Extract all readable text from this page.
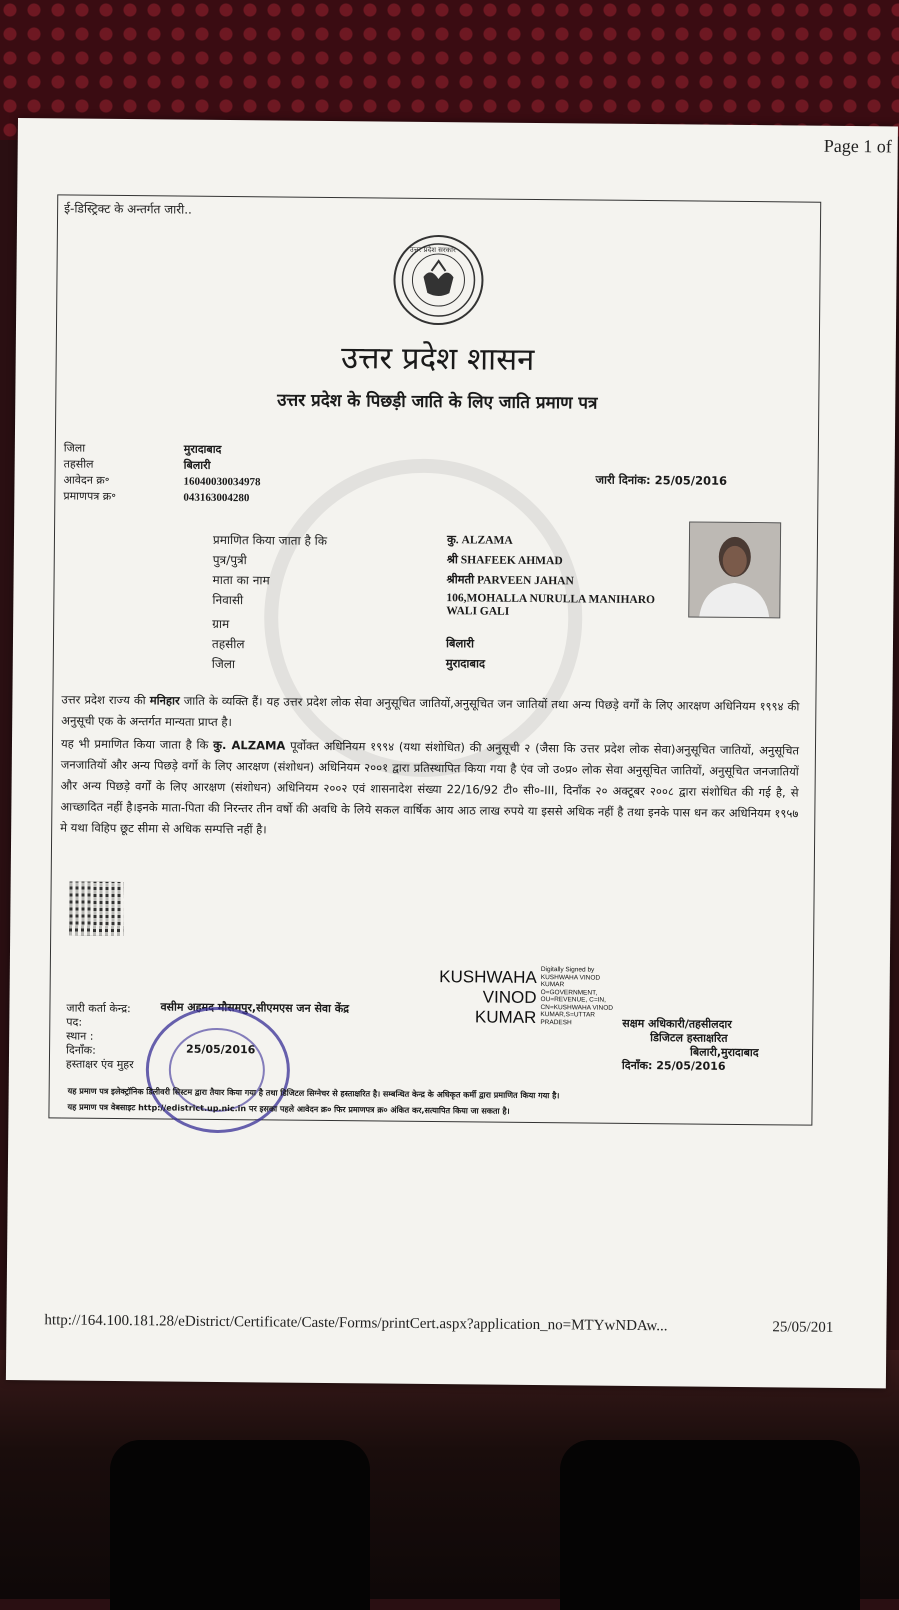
Page 1 of
ई-डिस्ट्रिक्ट के अन्तर्गत जारी..
उत्तर प्रदेश सरकार
उत्तर प्रदेश शासन
उत्तर प्रदेश के पिछड़ी जाति के लिए जाति प्रमाण पत्र
जिला	मुरादाबाद
तहसील	बिलारी
आवेदन क्र॰	16040030034978
प्रमाणपत्र क्र॰	043163004280
जारी दिनांक: 25/05/2016
प्रमाणित किया जाता है कि	कु. ALZAMA
पुत्र/पुत्री	श्री SHAFEEK AHMAD
माता का नाम	श्रीमती PARVEEN JAHAN
निवासी	106,MOHALLA NURULLA MANIHARO WALI GALI
ग्राम
तहसील	बिलारी
जिला	मुरादाबाद
उत्तर प्रदेश राज्य की मनिहार जाति के व्यक्ति हैं। यह उत्तर प्रदेश लोक सेवा अनुसूचित जातियों,अनुसूचित जन जातियों तथा अन्य पिछड़े वर्गों के लिए आरक्षण अधिनियम १९९४ की अनुसूची एक के अन्तर्गत मान्यता प्राप्त है।
यह भी प्रमाणित किया जाता है कि कु. ALZAMA पूर्वोक्त अधिनियम १९९४ (यथा संशोधित) की अनुसूची २ (जैसा कि उत्तर प्रदेश लोक सेवा)अनुसूचित जातियों, अनुसूचित जनजातियों और अन्य पिछड़े वर्गो के लिए आरक्षण (संशोधन) अधिनियम २००१ द्वारा प्रतिस्थापित किया गया है एंव जो उ०प्र० लोक सेवा अनुसूचित जातियों, अनुसूचित जनजातियों और अन्य पिछड़े वर्गों के लिए आरक्षण (संशोधन) अधिनियम २००२ एवं शासनादेश संख्या 22/16/92 टी० सी०-III, दिनाँक २० अक्टूबर २००८ द्वारा संशोधित की गई है, से आच्छादित नहीं है।इनके माता-पिता की निरन्तर तीन वर्षो की अवधि के लिये सकल वार्षिक आय आठ लाख रुपये या इससे अधिक नहीं है तथा इनके पास धन कर अधिनियम १९५७ मे यथा विहिप छूट सीमा से अधिक सम्पत्ति नहीं है।
KUSHWAHA
VINOD
KUMAR
Digitally Signed by KUSHWAHA VINOD KUMAR O=GOVERNMENT, OU=REVENUE, C=IN, CN=KUSHWAHA VINOD KUMAR,S=UTTAR PRADESH	सक्षम अधिकारी/तहसीलदार
डिजिटल हस्ताक्षरित
बिलारी,मुरादाबाद
दिनाँक: 25/05/2016
जारी कर्ता केन्द्र:	वसीम अहमद मौसमपुर,सीएमएस जन सेवा केंद्र
पद:
स्थान :
दिनाँक:	25/05/2016
हस्ताक्षर एंव मुहर
यह प्रमाण पत्र इलेक्ट्रॉनिक डिलीवरी सिस्टम द्वारा तैयार किया गया है तथा डिजिटल सिग्नेचर से हस्ताक्षरित है। सम्बन्धित केन्द्र के अधिकृत कर्मी द्वारा प्रमाणित किया गया है।
यह प्रमाण पत्र वेबसाइट http://edistrict.up.nic.in पर इसका पहले आवेदन क्र० फिर प्रमाणपत्र क्र० अंकित कर,सत्यापित किया जा सकता है।
http://164.100.181.28/eDistrict/Certificate/Caste/Forms/printCert.aspx?application_no=MTYwNDAw...	25/05/201
